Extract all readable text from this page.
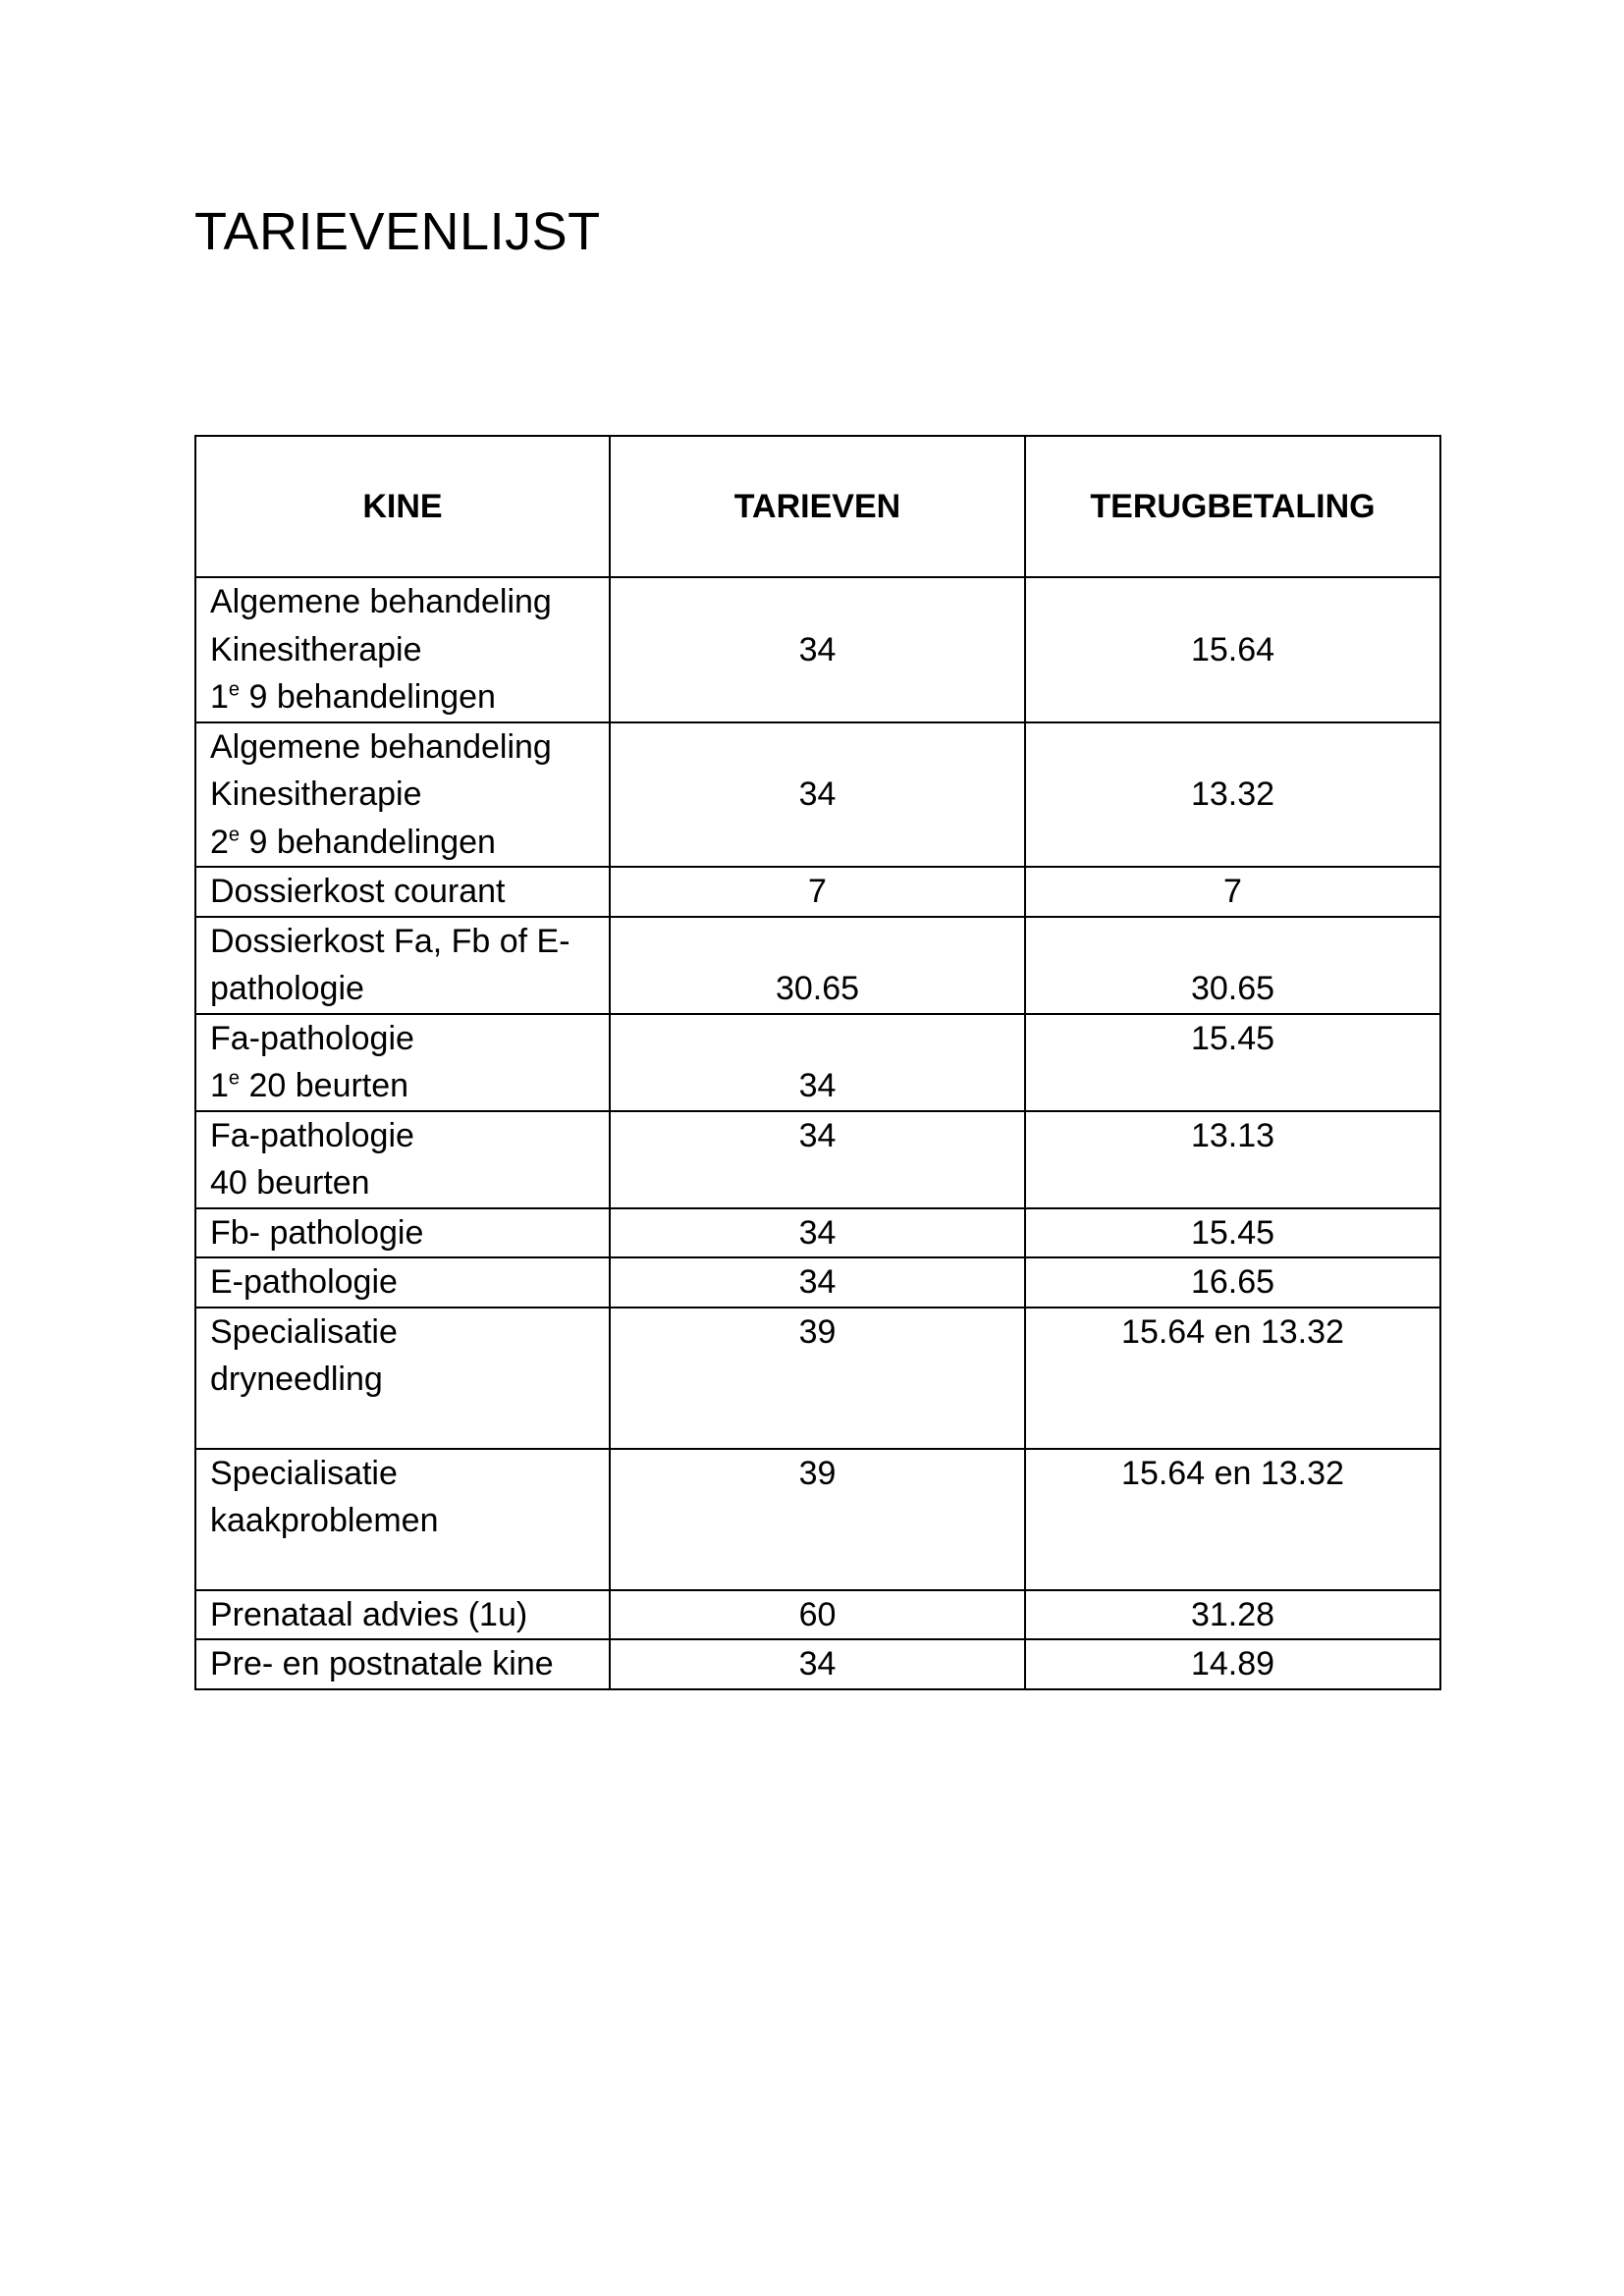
TARIEVENLIJST
KINE	TARIEVEN	TERUGBETALING
Algemene behandeling
Kinesitherapie
1e 9 behandelingen	34	15.64
Algemene behandeling
Kinesitherapie
2e 9 behandelingen	34	13.32
Dossierkost courant	7	7
Dossierkost Fa, Fb of E-
pathologie	30.65	30.65
Fa-pathologie
1e 20 beurten	34	15.45
Fa-pathologie
40 beurten	34	13.13
Fb- pathologie	34	15.45
E-pathologie	34	16.65
Specialisatie
dryneedling	39	15.64 en 13.32
Specialisatie
kaakproblemen	39	15.64 en 13.32
Prenataal advies (1u)	60	31.28
Pre- en postnatale kine	34	14.89
